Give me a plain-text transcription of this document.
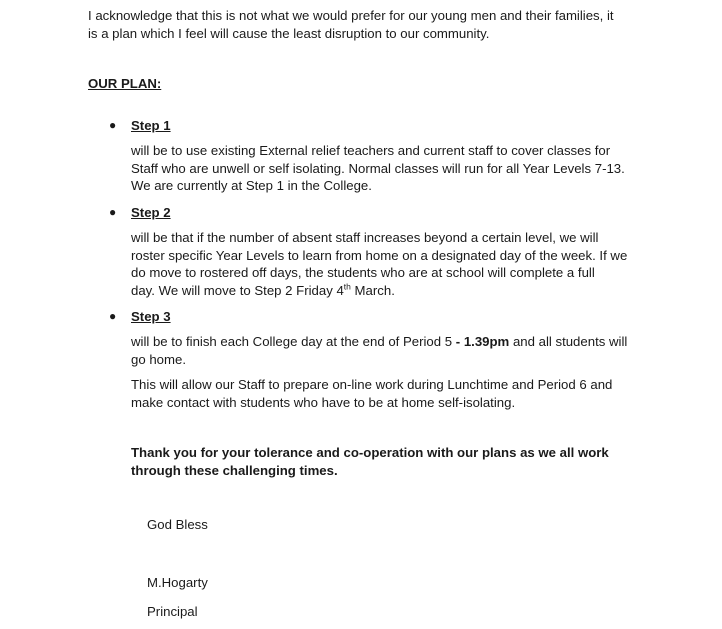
I acknowledge that this is not what we would prefer for our young men and their families, it
is a plan which I feel will cause the least disruption to our community.
OUR PLAN:
● Step 1
will be to use existing External relief teachers and current staff to cover classes for
Staff who are unwell or self isolating. Normal classes will run for all Year Levels 7-13.
We are currently at Step 1 in the College.
● Step 2
will be that if the number of absent staff increases beyond a certain level, we will
roster specific Year Levels to learn from home on a designated day of the week. If we
do move to rostered off days, the students who are at school will complete a full
day. We will move to Step 2 Friday 4th March.
● Step 3
will be to finish each College day at the end of Period 5 - 1.39pm and all students will
go home.
This will allow our Staff to prepare on-line work during Lunchtime and Period 6 and
make contact with students who have to be at home self-isolating.
Thank you for your tolerance and co-operation with our plans as we all work
through these challenging times.
God Bless
M.Hogarty
Principal
